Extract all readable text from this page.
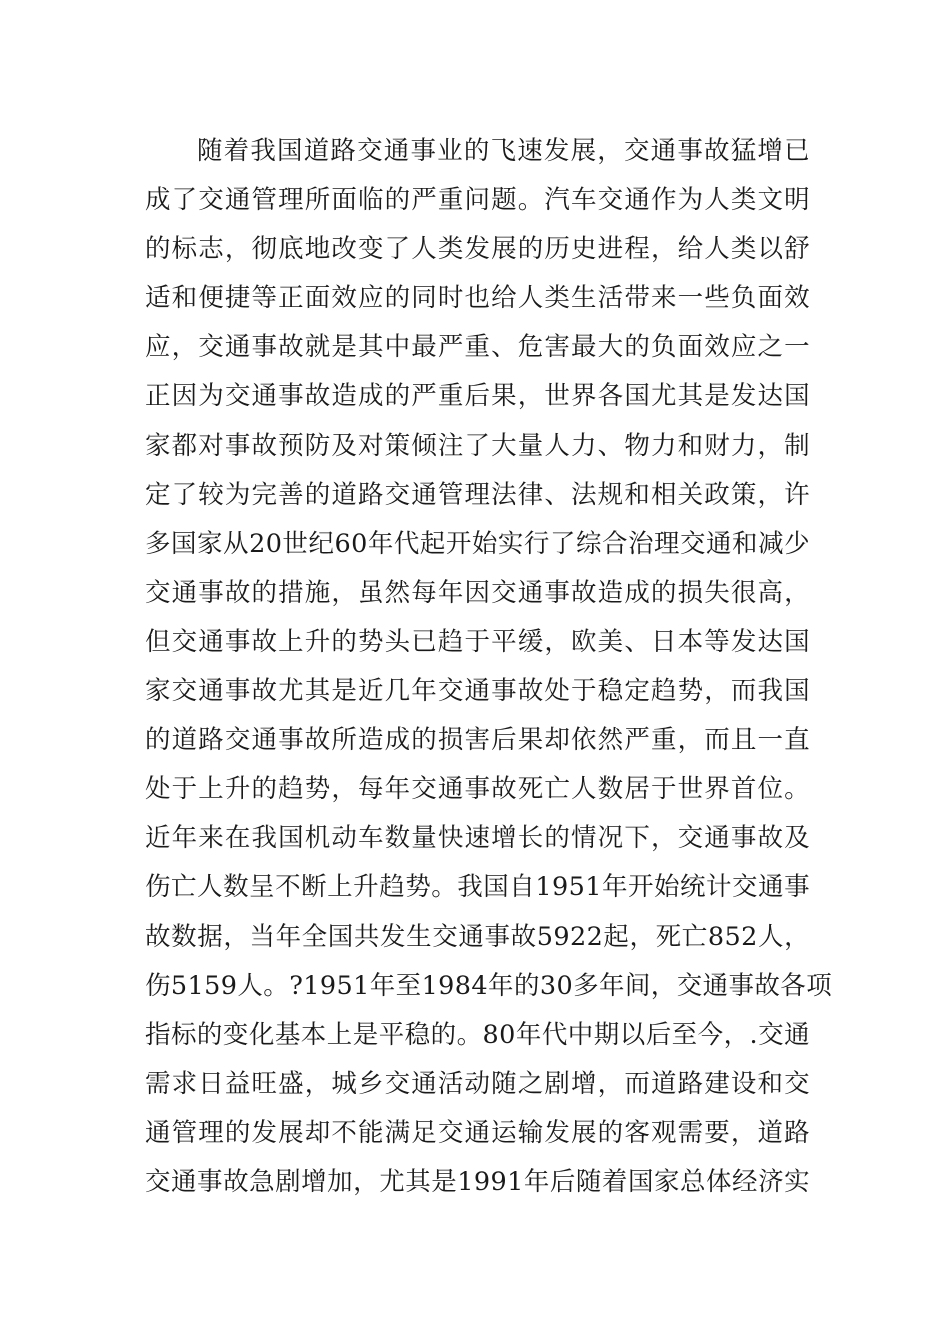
随着我国道路交通事业的飞速发展，交通事故猛增已
成了交通管理所面临的严重问题。汽车交通作为人类文明
的标志，彻底地改变了人类发展的历史进程，给人类以舒
适和便捷等正面效应的同时也给人类生活带来一些负面效
应，交通事故就是其中最严重、危害最大的负面效应之一
正因为交通事故造成的严重后果，世界各国尤其是发达国
家都对事故预防及对策倾注了大量人力、物力和财力，制
定了较为完善的道路交通管理法律、法规和相关政策，许
多国家从20世纪60年代起开始实行了综合治理交通和减少
交通事故的措施，虽然每年因交通事故造成的损失很高，
但交通事故上升的势头已趋于平缓，欧美、日本等发达国
家交通事故尤其是近几年交通事故处于稳定趋势，而我国
的道路交通事故所造成的损害后果却依然严重，而且一直
处于上升的趋势，每年交通事故死亡人数居于世界首位。
近年来在我国机动车数量快速增长的情况下，交通事故及
伤亡人数呈不断上升趋势。我国自1951年开始统计交通事
故数据，当年全国共发生交通事故5922起，死亡852人，
伤5159人。?1951年至1984年的30多年间，交通事故各项
指标的变化基本上是平稳的。80年代中期以后至今，.交通
需求日益旺盛，城乡交通活动随之剧增，而道路建设和交
通管理的发展却不能满足交通运输发展的客观需要，道路
交通事故急剧增加，尤其是1991年后随着国家总体经济实
